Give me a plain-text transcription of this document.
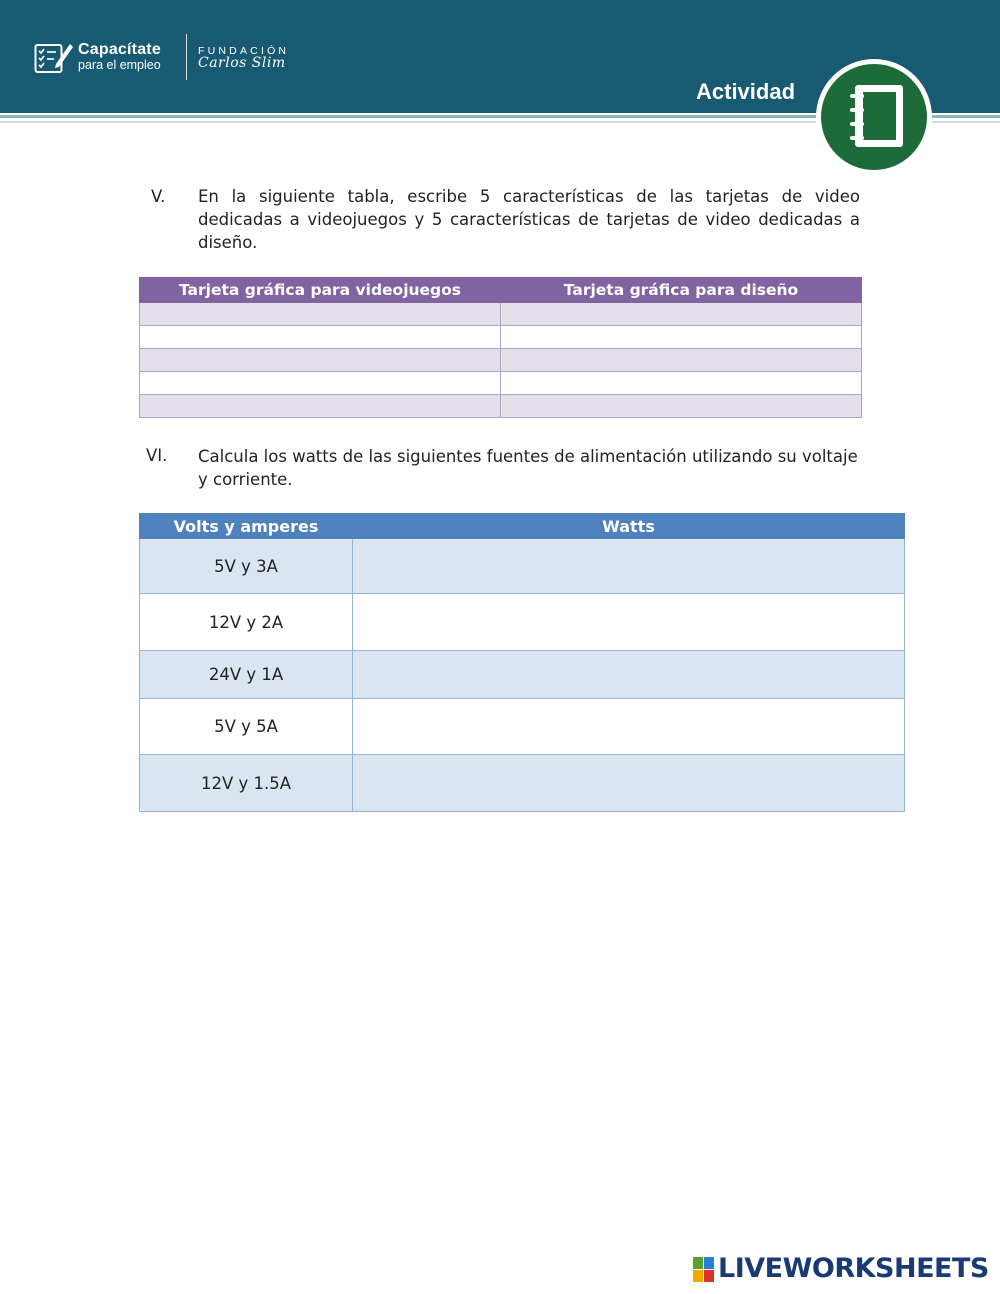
Capacítate
para el empleo
FUNDACIÓN
Carlos Slim
Actividad
V. En la siguiente tabla, escribe 5 características de las tarjetas de video dedicadas a videojuegos y 5 características de tarjetas de video dedicadas a diseño.
Tarjeta gráfica para videojuegos	Tarjeta gráfica para diseño

VI. Calcula los watts de las siguientes fuentes de alimentación utilizando su voltaje y corriente.
Volts y amperes	Watts
5V y 3A	
12V y 2A	
24V y 1A	
5V y 5A	
12V y 1.5A	
LIVEWORKSHEETS
